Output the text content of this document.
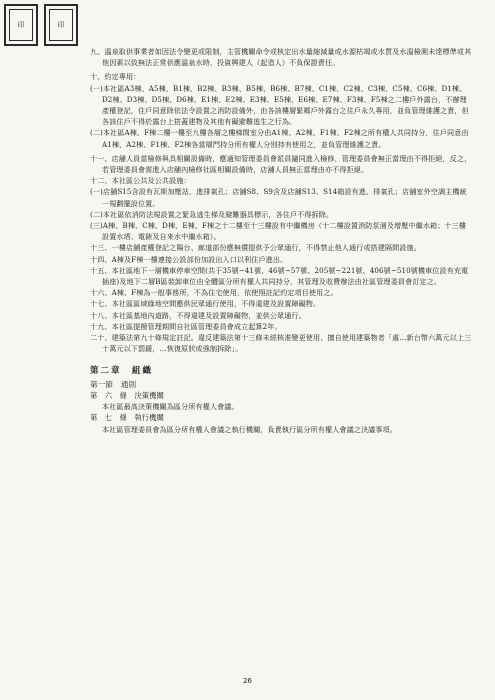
印	印

九、溫泉取供事業者如因法令變更或限制，主管機關命令或核定出水量縮減量或水源枯竭或水質及水溫檢測未達標準或其他因素以致無法正常供應溫泉水時，投資興建人（起造人）不負保證責任。

十、約定專用：

(一)本社區A3棟、A5棟、B1棟、B2棟、B3棟、B5棟、B6棟、B7棟、C1棟、C2棟、C3棟、C5棟、C6棟、D1棟、D2棟、D3棟、D5棟、D6棟、E1棟、E2棟、E3棟、E5棟、E6棟、E7棟、F3棟、F5棟之二樓戶外露台，不辦理產權登記，住戶同意除依法令設置之消防設備外，由各該樓層緊鄰戶外露台之住戶永久專用，並負管理維護之責，但各該住戶不得於露台上搭蓋建物及其他有礙避難逃生之行為。

(二)本社區A棟、F棟二樓一樓至九樓各層之樓梯間室分由A1棟、A2棟、F1棟、F2棟之所有權人共同持分，住戶同意由A1棟、A2棟、F1棟、F2棟各當層門持分所有權人分別持有使用之，並負管理維護之責。

十一、店舖人員當檢修與具相關設備時，應通知管理委員會派員隨同進入檢修，管理委員會無正當理由不得拒絕，反之，若管理委員會需進入店舖內檢修社區相關設備時，店舖人員無正當理由亦不得拒絕。

十二、本社區公共及公共設施：

(一)店舖S15含設有瓦斯加壓站，進排氣孔；店舖S8、S9含及店舖S13、S14箱設有進、排氣孔；店舖室外空調主機統一規劃擺設位置。

(二)本社區依消防法規設置之緊急逃生梯及避難器具標示，各住戶不得拆除。

(三)A棟、B棟、C棟、D棟、E棟、F棟之十二樓至十三樓設有中繼機房（十二樓設置消防泵浦及增壓中繼水箱；十三樓設置水塔、電錶及自來水中繼水箱）。

十三、一樓店舖產權登記之陽台、廊道部份應無償提供予公眾通行，不得禁止他人通行或搭建隔間設施。

十四、A棟及F棟一樓連接公設部份加設出入口以利住戶進出。

十五、本社區地下一層機車停車空間(共于35號~41號、46號~57號、205號~221號、406號~510號機車位設有充電插座)及地下二層B區裝卸車位由全體區分所有權人共同持分，其管理及收費辦法由社區管理委員會訂定之。

十六、A棟、F棟為一般事務所，不為住宅使用，依使照註記約定項目使用之。

十七、本社區區域綠地空間應供民眾通行使用，不得違建及設置障礙物。

十八、本社區基地內道路，不得違建及設置障礙物，並供公眾通行。

十九、本社區提撥管理期間自社區管理委員會成立起算2年。

二十、建築法第九十條規定註記。違反建築法第十三條未經核准變更使用、擅自使用建築物者「處…新台幣六萬元以上三十萬元以下罰鍰，…恢復原狀或強制拆除」。

第二章　組織
第一節　通則
第　六　條　決策機關
本社區最高決策機關為區分所有權人會議。
第　七　條　執行機關
本社區管理委員會為區分所有權人會議之執行機關，負責執行區分所有權人會議之決議事項。
26
